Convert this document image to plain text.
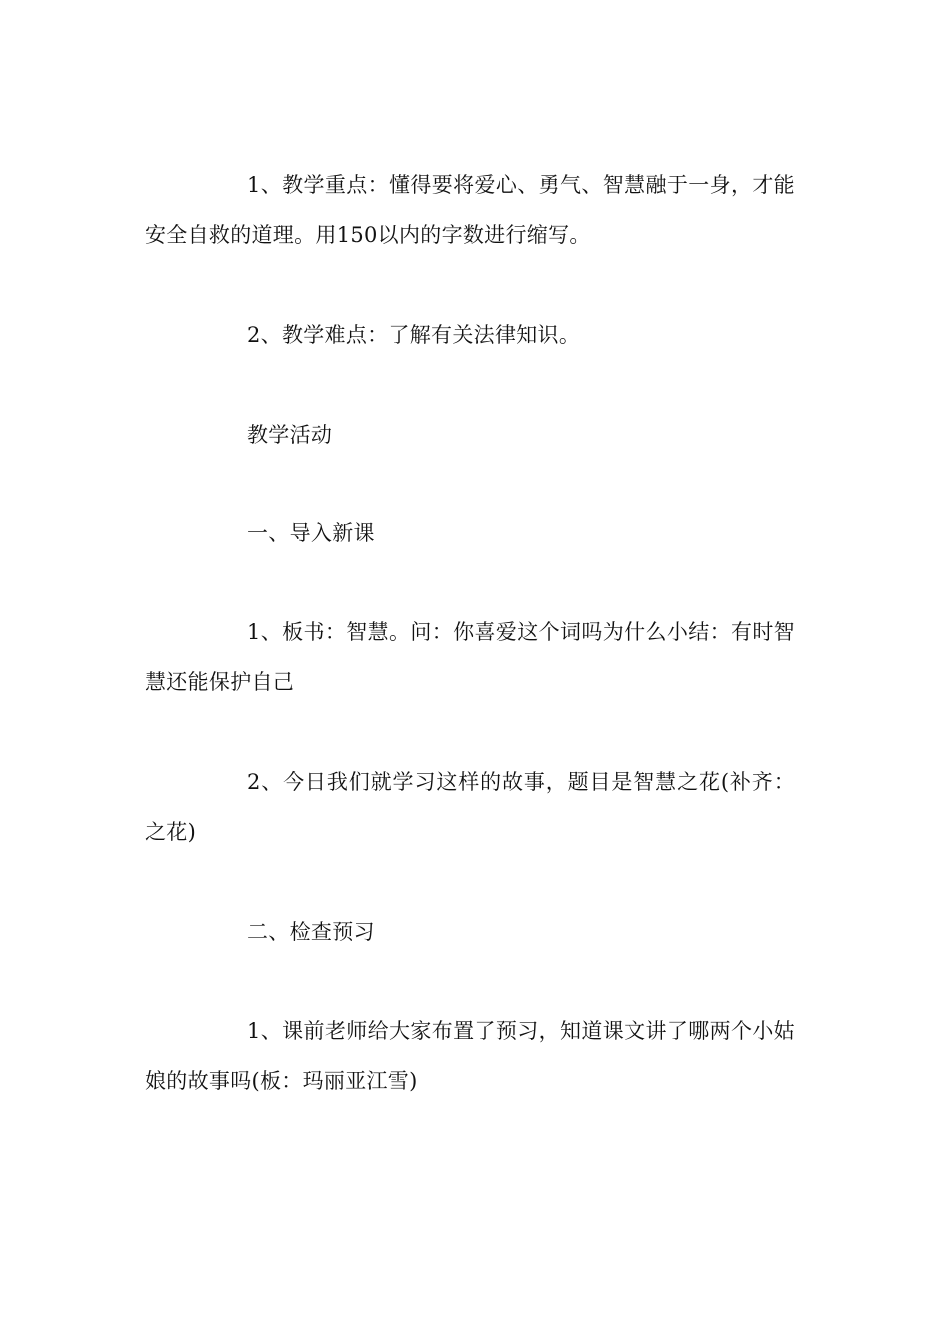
1、教学重点：懂得要将爱心、勇气、智慧融于一身，才能安全自救的道理。用150以内的字数进行缩写。

2、教学难点：了解有关法律知识。

教学活动

一、导入新课

1、板书：智慧。问：你喜爱这个词吗为什么小结：有时智慧还能保护自己

2、今日我们就学习这样的故事，题目是智慧之花(补齐：之花)

二、检查预习

1、课前老师给大家布置了预习，知道课文讲了哪两个小姑娘的故事吗(板：玛丽亚江雪)
